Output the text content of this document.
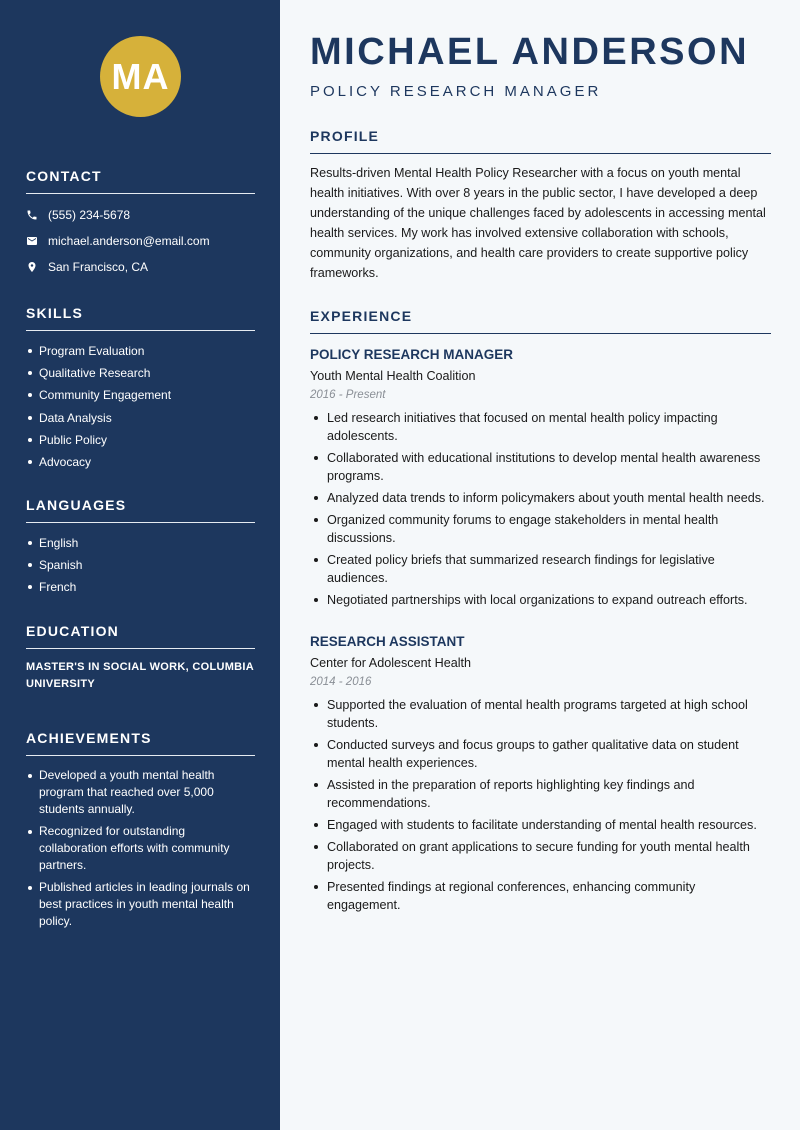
MA
CONTACT
(555) 234-5678
michael.anderson@email.com
San Francisco, CA
SKILLS
Program Evaluation
Qualitative Research
Community Engagement
Data Analysis
Public Policy
Advocacy
LANGUAGES
English
Spanish
French
EDUCATION
MASTER'S IN SOCIAL WORK, COLUMBIA UNIVERSITY
ACHIEVEMENTS
Developed a youth mental health program that reached over 5,000 students annually.
Recognized for outstanding collaboration efforts with community partners.
Published articles in leading journals on best practices in youth mental health policy.
MICHAEL ANDERSON
POLICY RESEARCH MANAGER
PROFILE
Results-driven Mental Health Policy Researcher with a focus on youth mental health initiatives. With over 8 years in the public sector, I have developed a deep understanding of the unique challenges faced by adolescents in accessing mental health services. My work has involved extensive collaboration with schools, community organizations, and health care providers to create supportive policy frameworks.
EXPERIENCE
POLICY RESEARCH MANAGER
Youth Mental Health Coalition
2016 - Present
Led research initiatives that focused on mental health policy impacting adolescents.
Collaborated with educational institutions to develop mental health awareness programs.
Analyzed data trends to inform policymakers about youth mental health needs.
Organized community forums to engage stakeholders in mental health discussions.
Created policy briefs that summarized research findings for legislative audiences.
Negotiated partnerships with local organizations to expand outreach efforts.
RESEARCH ASSISTANT
Center for Adolescent Health
2014 - 2016
Supported the evaluation of mental health programs targeted at high school students.
Conducted surveys and focus groups to gather qualitative data on student mental health experiences.
Assisted in the preparation of reports highlighting key findings and recommendations.
Engaged with students to facilitate understanding of mental health resources.
Collaborated on grant applications to secure funding for youth mental health projects.
Presented findings at regional conferences, enhancing community engagement.
